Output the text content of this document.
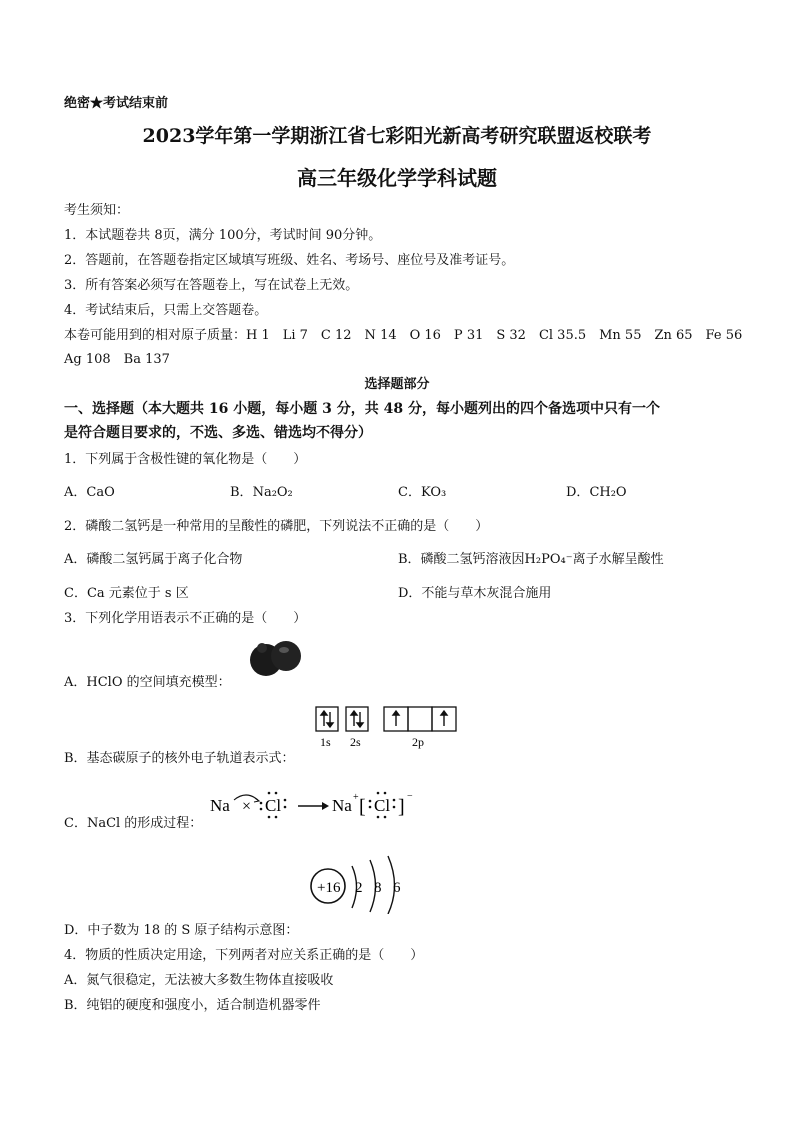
绝密★考试结束前
2023学年第一学期浙江省七彩阳光新高考研究联盟返校联考
高三年级化学学科试题
考生须知：
1．本试题卷共 8页，满分 100分，考试时间 90分钟。
2．答题前，在答题卷指定区域填写班级、姓名、考场号、座位号及准考证号。
3．所有答案必须写在答题卷上，写在试卷上无效。
4．考试结束后，只需上交答题卷。
本卷可能用到的相对原子质量：H 1　Li 7　C 12　N 14　O 16　P 31　S 32　Cl 35.5　Mn 55　Zn 65　Fe 56
Ag 108　Ba 137
选择题部分
一、选择题（本大题共 16 小题，每小题 3 分，共 48 分，每小题列出的四个备选项中只有一个
是符合题目要求的，不选、多选、错选均不得分）
1．下列属于含极性键的氧化物是（　　）
A．CaO	B．Na₂O₂	C．KO₃	D．CH₂O
2．磷酸二氢钙是一种常用的呈酸性的磷肥，下列说法不正确的是（　　）
A．磷酸二氢钙属于离子化合物	B．磷酸二氢钙溶液因H₂PO₄⁻离子水解呈酸性
C．Ca 元素位于 s 区	D．不能与草木灰混合施用
3．下列化学用语表示不正确的是（　　）
A．HClO 的空间填充模型：
B．基态碳原子的核外电子轨道表示式：
1s 2s	2p
C．NaCl 的形成过程：
Na × Cl	Na + [ Cl ] −
+16 2 8 6
D．中子数为 18 的 S 原子结构示意图：
4．物质的性质决定用途，下列两者对应关系正确的是（　　）
A．氮气很稳定，无法被大多数生物体直接吸收
B．纯铝的硬度和强度小，适合制造机器零件
